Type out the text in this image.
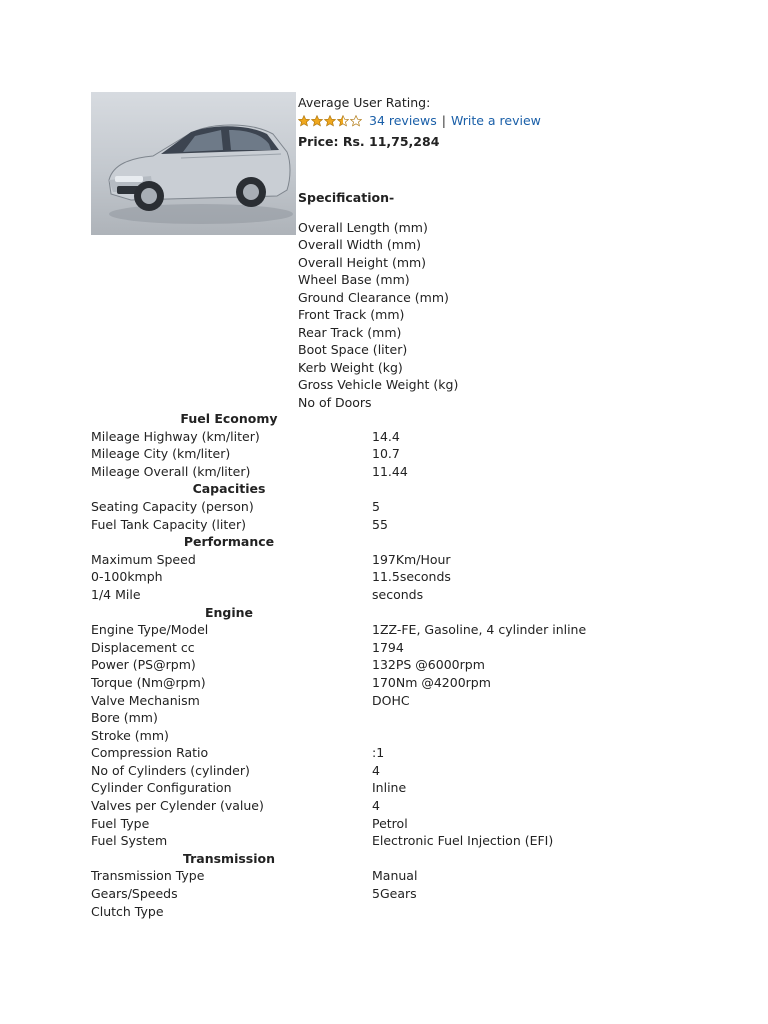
Average User Rating:
34 reviews | Write a review
Price: Rs. 11,75,284
Specification-
Overall Length (mm)
Overall Width (mm)
Overall Height (mm)
Wheel Base (mm)
Ground Clearance (mm)
Front Track (mm)
Rear Track (mm)
Boot Space (liter)
Kerb Weight (kg)
Gross Vehicle Weight (kg)
No of Doors
Fuel Economy
Mileage Highway (km/liter)	14.4
Mileage City (km/liter)	10.7
Mileage Overall (km/liter)	11.44
Capacities
Seating Capacity (person)	5
Fuel Tank Capacity (liter)	55
Performance
Maximum Speed	197Km/Hour
0-100kmph	11.5seconds
1/4 Mile	seconds
Engine
Engine Type/Model	1ZZ-FE, Gasoline, 4 cylinder inline
Displacement cc	1794
Power (PS@rpm)	132PS @6000rpm
Torque (Nm@rpm)	170Nm @4200rpm
Valve Mechanism	DOHC
Bore (mm)
Stroke (mm)
Compression Ratio	:1
No of Cylinders (cylinder)	4
Cylinder Configuration	Inline
Valves per Cylender (value)	4
Fuel Type	Petrol
Fuel System	Electronic Fuel Injection (EFI)
Transmission
Transmission Type	Manual
Gears/Speeds	5Gears
Clutch Type
